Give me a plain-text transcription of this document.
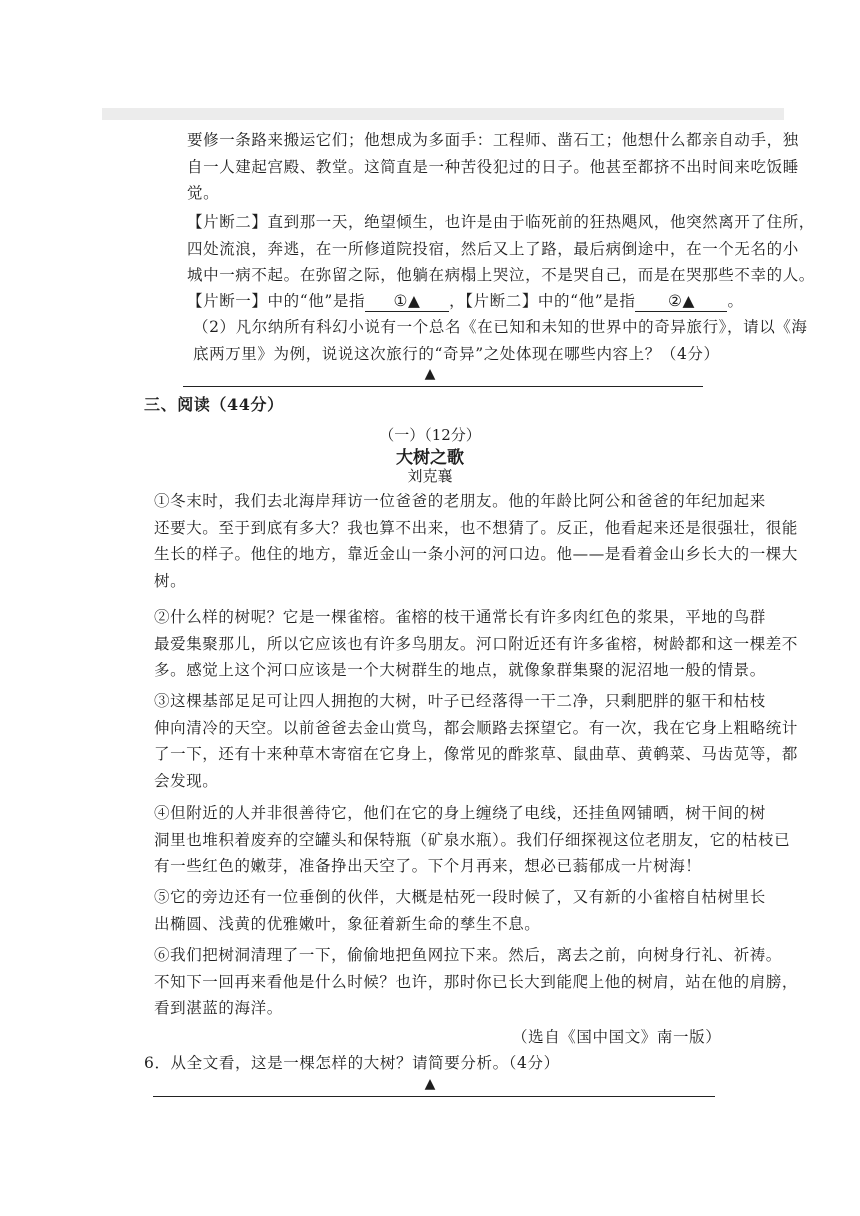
要修一条路来搬运它们；他想成为多面手：工程师、凿石工；他想什么都亲自动手，独
自一人建起宫殿、教堂。这简直是一种苦役犯过的日子。他甚至都挤不出时间来吃饭睡
觉。
【片断二】直到那一天，绝望倾生，也许是由于临死前的狂热飓风，他突然离开了住所，
四处流浪，奔逃，在一所修道院投宿，然后又上了路，最后病倒途中，在一个无名的小
城中一病不起。在弥留之际，他躺在病榻上哭泣，不是哭自己，而是在哭那些不幸的人。
【片断一】中的“他”是指 ①▲ ，【片断二】中的“他”是指 ②▲ 。
（2）凡尔纳所有科幻小说有一个总名《在已知和未知的世界中的奇异旅行》，请以《海
底两万里》为例，说说这次旅行的“奇异”之处体现在哪些内容上？（4分）
▲
三、阅读（44分）
（一）（12分）
大树之歌
刘克襄
①冬末时，我们去北海岸拜访一位爸爸的老朋友。他的年龄比阿公和爸爸的年纪加起来
还要大。至于到底有多大？我也算不出来，也不想猜了。反正，他看起来还是很强壮，很能
生长的样子。他住的地方，靠近金山一条小河的河口边。他——是看着金山乡长大的一棵大
树。
②什么样的树呢？它是一棵雀榕。雀榕的枝干通常长有许多肉红色的浆果，平地的鸟群
最爱集聚那儿，所以它应该也有许多鸟朋友。河口附近还有许多雀榕，树龄都和这一棵差不
多。感觉上这个河口应该是一个大树群生的地点，就像象群集聚的泥沼地一般的情景。
③这棵基部足足可让四人拥抱的大树，叶子已经落得一干二净，只剩肥胖的躯干和枯枝
伸向清冷的天空。以前爸爸去金山赏鸟，都会顺路去探望它。有一次，我在它身上粗略统计
了一下，还有十来种草木寄宿在它身上，像常见的酢浆草、鼠曲草、黄鹌菜、马齿苋等，都
会发现。
④但附近的人并非很善待它，他们在它的身上缠绕了电线，还挂鱼网铺晒，树干间的树
洞里也堆积着废弃的空罐头和保特瓶（矿泉水瓶）。我们仔细探视这位老朋友，它的枯枝已
有一些红色的嫩芽，准备挣出天空了。下个月再来，想必已蓊郁成一片树海！
⑤它的旁边还有一位垂倒的伙伴，大概是枯死一段时候了，又有新的小雀榕自枯树里长
出椭圆、浅黄的优雅嫩叶，象征着新生命的孳生不息。
⑥我们把树洞清理了一下，偷偷地把鱼网拉下来。然后，离去之前，向树身行礼、祈祷。
不知下一回再来看他是什么时候？也许，那时你已长大到能爬上他的树肩，站在他的肩膀，
看到湛蓝的海洋。
（选自《国中国文》南一版）
6．从全文看，这是一棵怎样的大树？请简要分析。（4分）
▲
